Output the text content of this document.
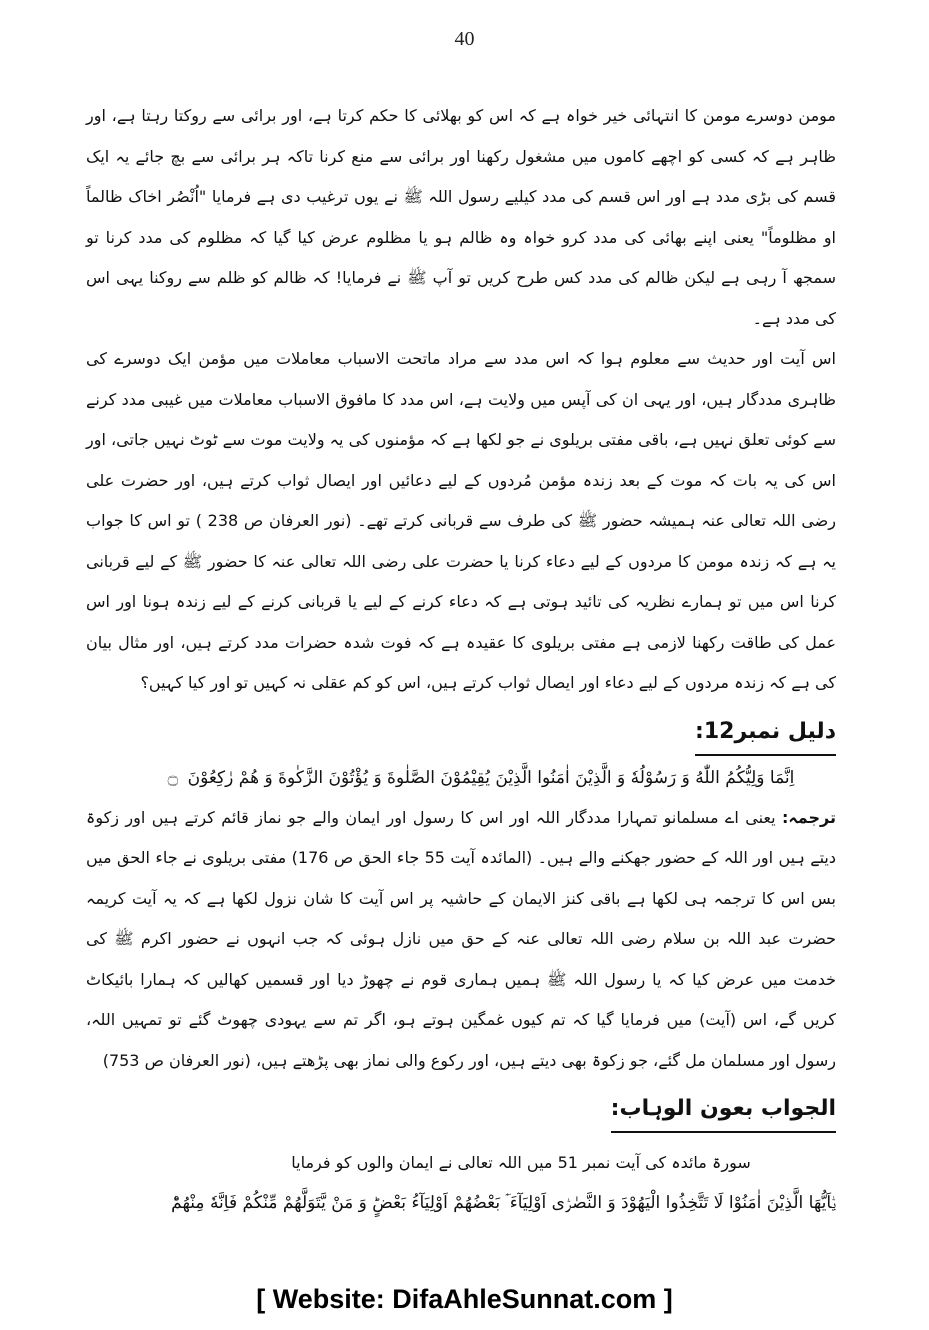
40

مومن دوسرے مومن کا انتہائی خیر خواہ ہے کہ اس کو بھلائی کا حکم کرتا ہے، اور برائی سے روکتا رہتا ہے، اور ظاہر ہے کہ کسی کو اچھے کاموں میں مشغول رکھنا اور برائی سے منع کرنا تاکہ ہر برائی سے بچ جائے یہ ایک قسم کی بڑی مدد ہے اور اس قسم کی مدد کیلیے رسول اللہ ﷺ نے یوں ترغیب دی ہے فرمایا "اُنْصُر اخاک ظالماً او مظلوماً" یعنی اپنے بھائی کی مدد کرو خواہ وہ ظالم ہو یا مظلوم عرض کیا گیا کہ مظلوم کی مدد کرنا تو سمجھ آ رہی ہے لیکن ظالم کی مدد کس طرح کریں تو آپ ﷺ نے فرمایا! کہ ظالم کو ظلم سے روکنا یہی اس کی مدد ہے۔

اس آیت اور حدیث سے معلوم ہوا کہ اس مدد سے مراد ماتحت الاسباب معاملات میں مؤمن ایک دوسرے کی ظاہری مددگار ہیں، اور یہی ان کی آپس میں ولایت ہے، اس مدد کا مافوق الاسباب معاملات میں غیبی مدد کرنے سے کوئی تعلق نہیں ہے، باقی مفتی بریلوی نے جو لکھا ہے کہ مؤمنوں کی یہ ولایت موت سے ٹوٹ نہیں جاتی، اور اس کی یہ بات کہ موت کے بعد زندہ مؤمن مُردوں کے لیے دعائیں اور ایصال ثواب کرتے ہیں، اور حضرت علی رضی اللہ تعالی عنہ ہمیشہ حضور ﷺ کی طرف سے قربانی کرتے تھے۔ (نور العرفان ص 238 ) تو اس کا جواب یہ ہے کہ زندہ مومن کا مردوں کے لیے دعاء کرنا یا حضرت علی رضی اللہ تعالی عنہ کا حضور ﷺ کے لیے قربانی کرنا اس میں تو ہمارے نظریہ کی تائید ہوتی ہے کہ دعاء کرنے کے لیے یا قربانی کرنے کے لیے زندہ ہونا اور اس عمل کی طاقت رکھنا لازمی ہے مفتی بریلوی کا عقیدہ ہے کہ فوت شدہ حضرات مدد کرتے ہیں، اور مثال بیان کی ہے کہ زندہ مردوں کے لیے دعاء اور ایصال ثواب کرتے ہیں، اس کو کم عقلی نہ کہیں تو اور کیا کہیں؟

دلیل نمبر12:

اِنَّمَا وَلِیُّكُمُ اللّٰهُ وَ رَسُوْلُهٗ وَ الَّذِیْنَ اٰمَنُوا الَّذِیْنَ یُقِیْمُوْنَ الصَّلٰوةَ وَ یُؤْتُوْنَ الزَّكٰوةَ وَ هُمْ رٰكِعُوْنَ ۝

ترجمہ: یعنی اے مسلمانو تمہارا مددگار اللہ اور اس کا رسول اور ایمان والے جو نماز قائم کرتے ہیں اور زکوۃ دیتے ہیں اور اللہ کے حضور جھکنے والے ہیں۔ (المائدہ آیت 55 جاء الحق ص 176) مفتی بریلوی نے جاء الحق میں بس اس کا ترجمہ ہی لکھا ہے باقی کنز الایمان کے حاشیہ پر اس آیت کا شان نزول لکھا ہے کہ یہ آیت کریمہ حضرت عبد اللہ بن سلام رضی اللہ تعالی عنہ کے حق میں نازل ہوئی کہ جب انہوں نے حضور اکرم ﷺ کی خدمت میں عرض کیا کہ یا رسول اللہ ﷺ ہمیں ہماری قوم نے چھوڑ دیا اور قسمیں کھالیں کہ ہمارا بائیکاٹ کریں گے، اس (آیت) میں فرمایا گیا کہ تم کیوں غمگین ہوتے ہو، اگر تم سے یہودی چھوٹ گئے تو تمہیں اللہ، رسول اور مسلمان مل گئے، جو زکوۃ بھی دیتے ہیں، اور رکوع والی نماز بھی پڑھتے ہیں، (نور العرفان ص 753)

الجواب بعون الوہاب:

سورۃ مائدہ کی آیت نمبر 51 میں اللہ تعالی نے ایمان والوں کو فرمایا

یٰۤاَیُّهَا الَّذِیْنَ اٰمَنُوْا لَا تَتَّخِذُوا الْیَهُوْدَ وَ النَّصٰرٰۤى اَوْلِیَآءَ ؔۘ بَعْضُهُمْ اَوْلِیَآءُ بَعْضٍؕ وَ مَنْ یَّتَوَلَّهُمْ مِّنْكُمْ فَاِنَّهٗ مِنْهُمْؕ

[ Website: DifaAhleSunnat.com ]
